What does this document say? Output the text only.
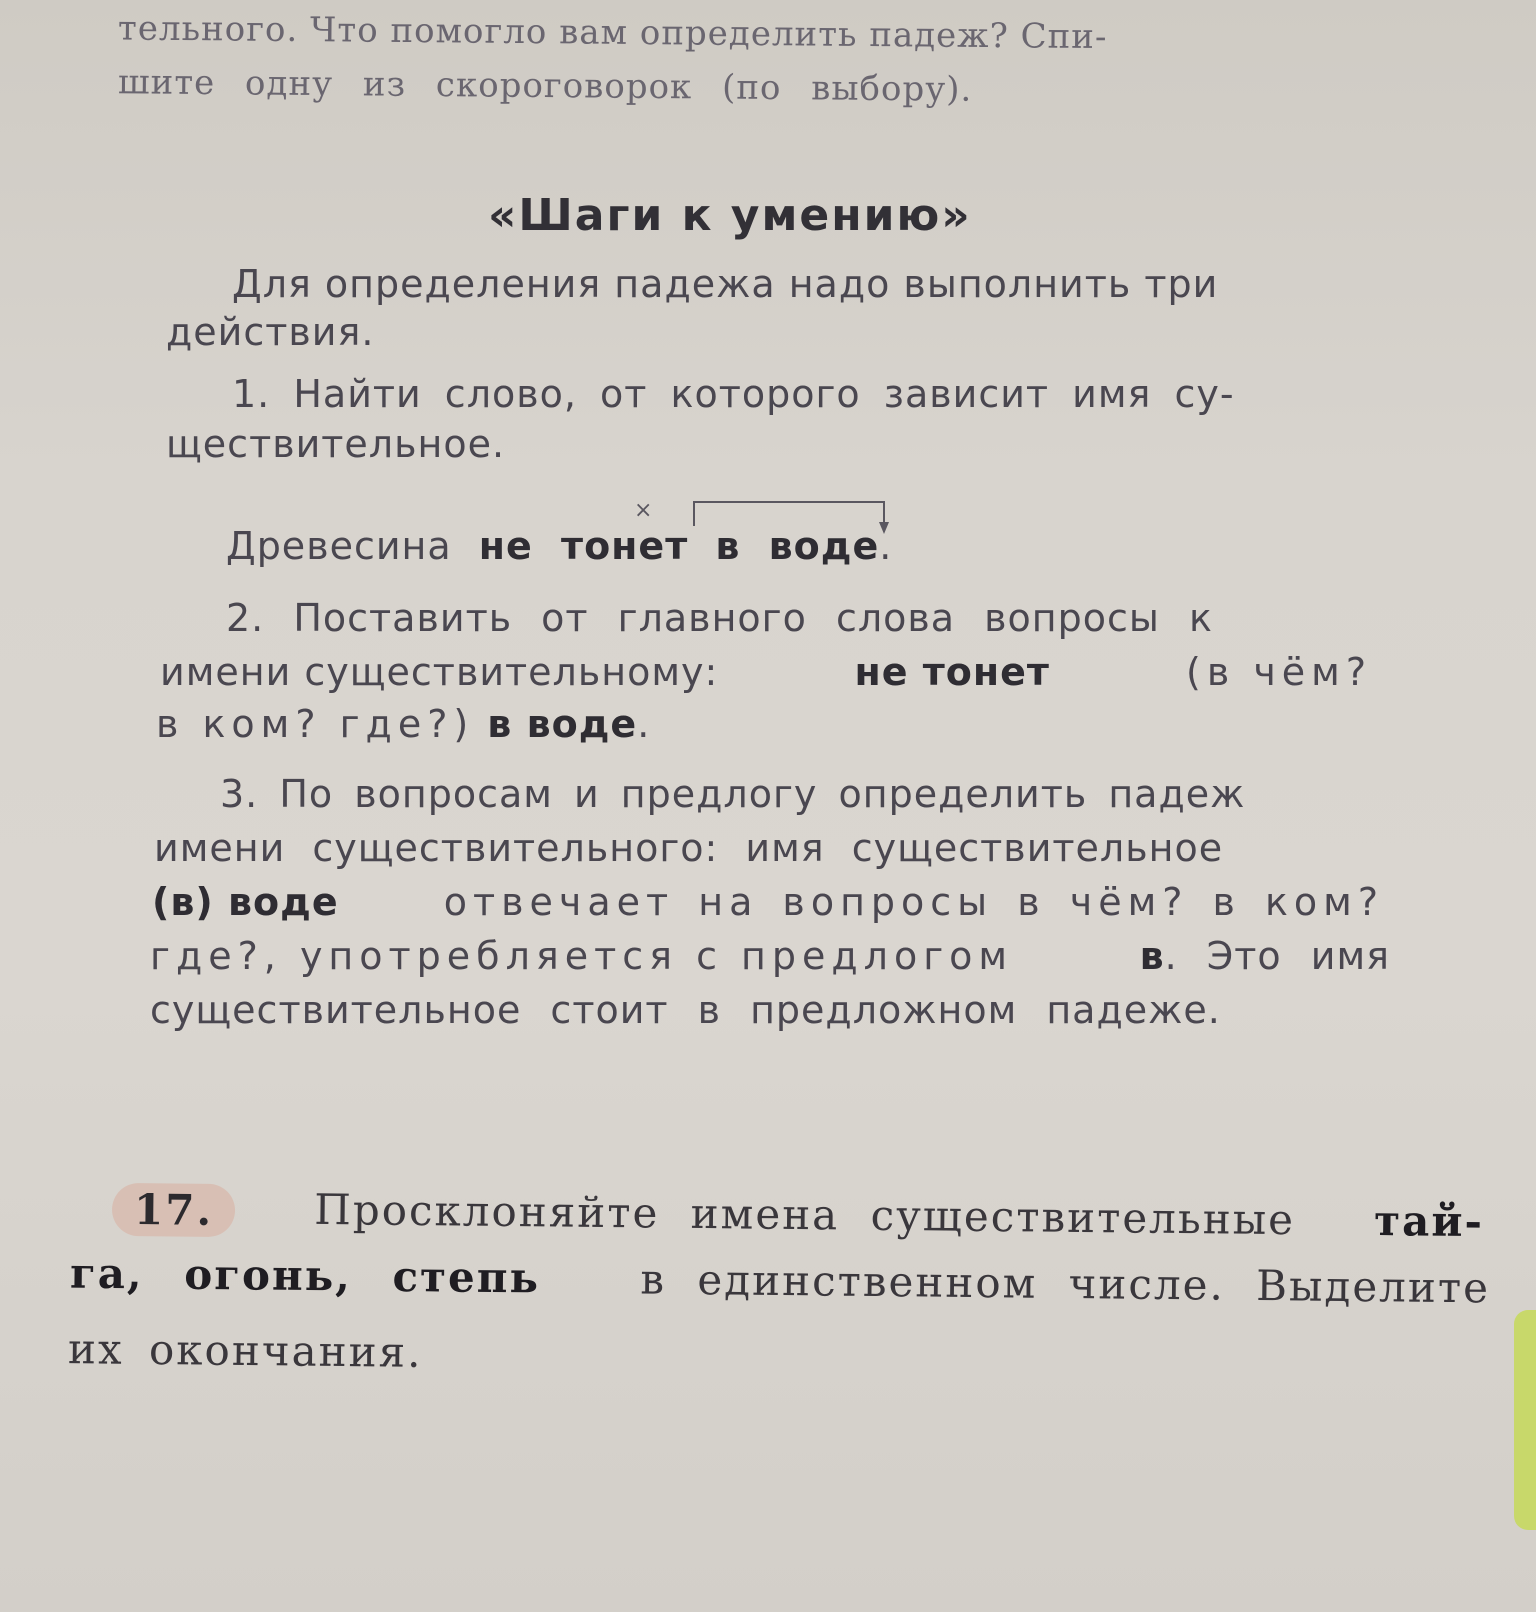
тельного. Что помогло вам определить падеж? Спи-
шите одну из скороговорок (по выбору).
«Шаги к умению»
Для определения падежа надо выполнить три
действия.
1. Найти слово, от которого зависит имя су-
ществительное.
×
Древесина не тонет в воде.
2. Поставить от главного слова вопросы к
имени существительному:	не тонет	(в чём?
в ком? где?) в воде.
3. По вопросам и предлогу определить падеж
имени существительного: имя существительное
(в) воде	отвечает на вопросы в чём? в ком?
где?, употребляется с предлогом	в. Это имя
существительное стоит в предложном падеже.
17.	Просклоняйте имена существительные тай-
га, огонь, степь в единственном числе. Выделите
их окончания.
